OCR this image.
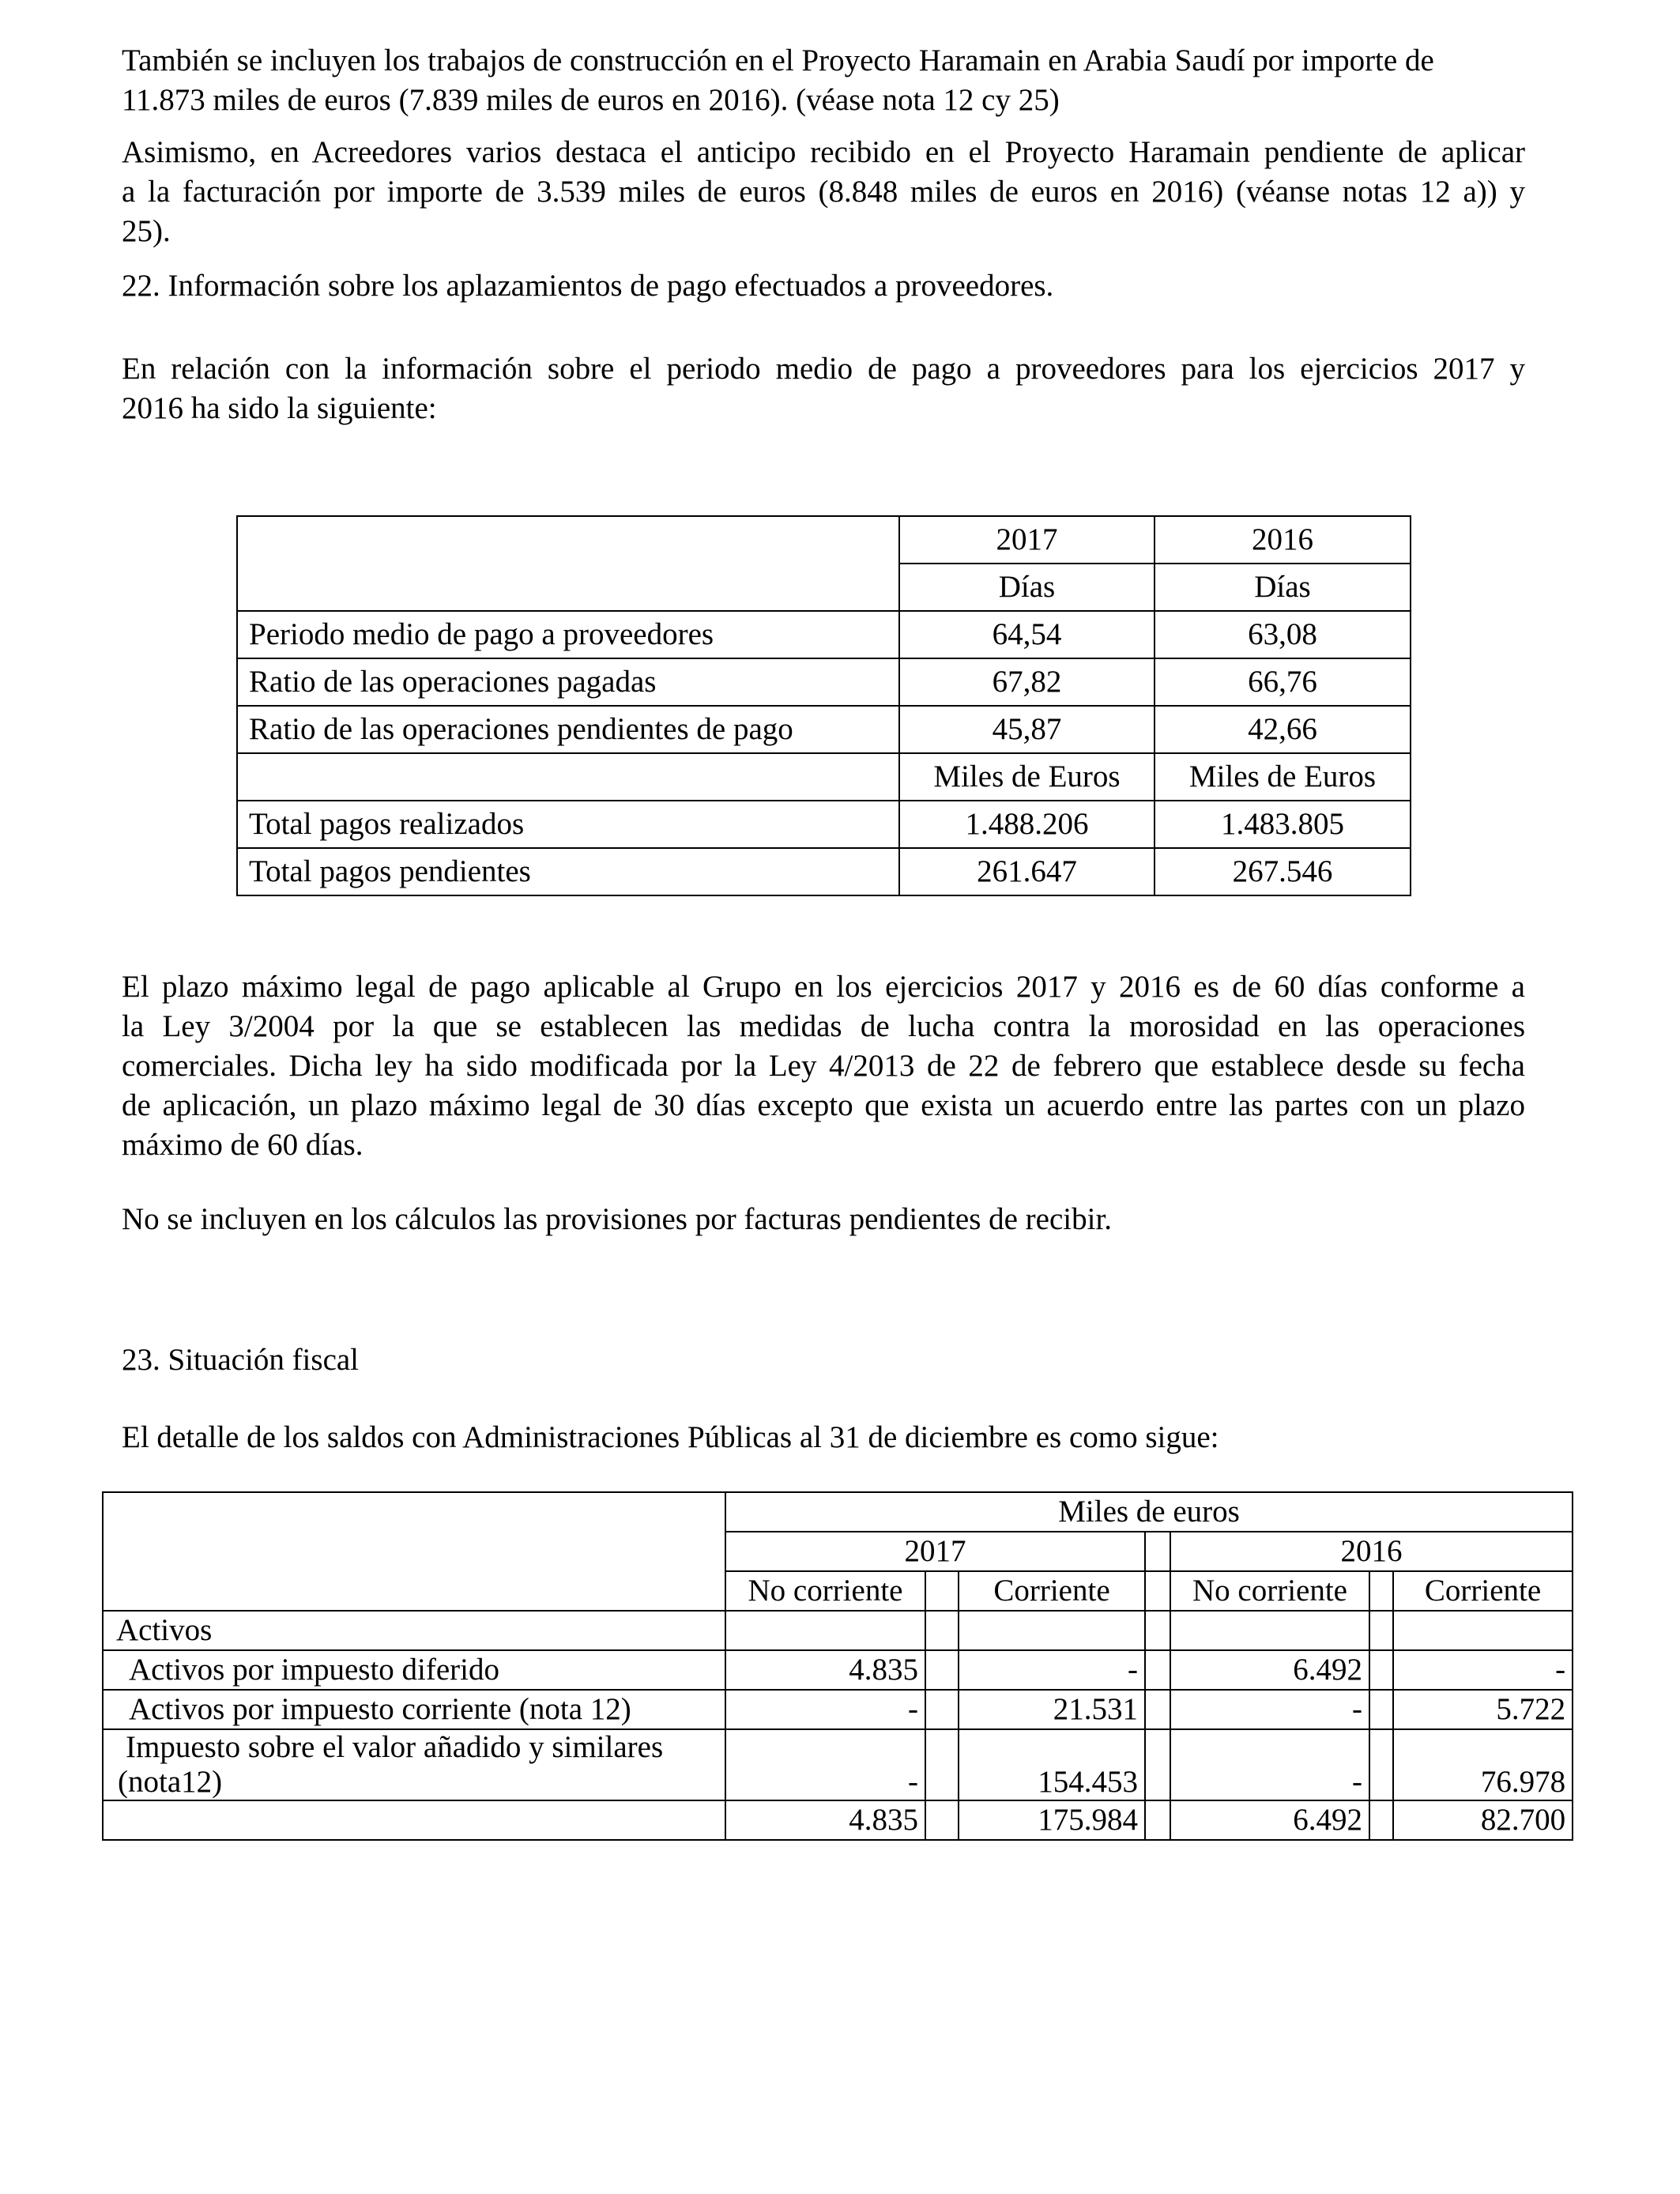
También se incluyen los trabajos de construcción en el Proyecto Haramain en Arabia Saudí por importe de
11.873 miles de euros (7.839 miles de euros en 2016). (véase nota 12 cy 25)
Asimismo, en Acreedores varios destaca el anticipo recibido en el Proyecto Haramain pendiente de aplicar
a la facturación por importe de 3.539 miles de euros (8.848 miles de euros en 2016) (véanse notas 12 a)) y
25).
22. Información sobre los aplazamientos de pago efectuados a proveedores.
En relación con la información sobre el periodo medio de pago a proveedores para los ejercicios 2017 y
2016 ha sido la siguiente:
	2017	2016
	Días	Días
Periodo medio de pago a proveedores	64,54	63,08
Ratio de las operaciones pagadas	67,82	66,76
Ratio de las operaciones pendientes de pago	45,87	42,66
	Miles de Euros	Miles de Euros
Total pagos realizados	1.488.206	1.483.805
Total pagos pendientes	261.647	267.546
El plazo máximo legal de pago aplicable al Grupo en los ejercicios 2017 y 2016 es de 60 días conforme a
la Ley 3/2004 por la que se establecen las medidas de lucha contra la morosidad en las operaciones
comerciales. Dicha ley ha sido modificada por la Ley 4/2013 de 22 de febrero que establece desde su fecha
de aplicación, un plazo máximo legal de 30 días excepto que exista un acuerdo entre las partes con un plazo
máximo de 60 días.
No se incluyen en los cálculos las provisiones por facturas pendientes de recibir.
23. Situación fiscal
El detalle de los saldos con Administraciones Públicas al 31 de diciembre es como sigue:
	Miles de euros						
	2017				2016		
	No corriente		Corriente		No corriente		Corriente
Activos							
Activos por impuesto diferido	4.835		-		6.492		-
Activos por impuesto corriente (nota 12)	-		21.531		-		5.722

Impuesto sobre el valor añadido y similares
(nota12)	-		154.453		-		76.978
	4.835		175.984		6.492		82.700
